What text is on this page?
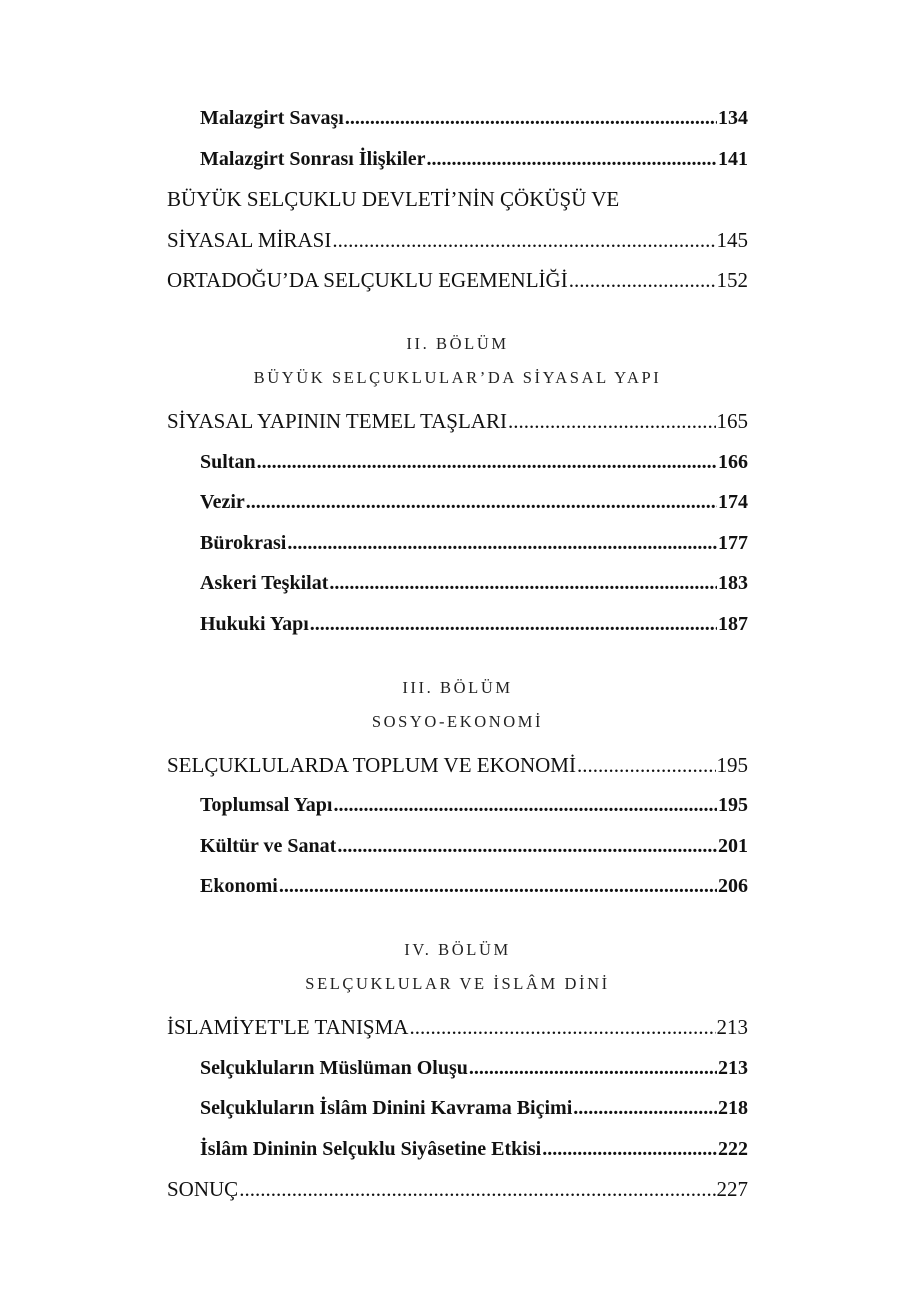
Malazgirt Savaşı .....	134
Malazgirt Sonrası İlişkiler .....	141
BÜYÜK SELÇUKLU DEVLETİ’NİN ÇÖKÜŞÜ VE
SİYASAL MİRASI .....	145
ORTADOĞU’DA SELÇUKLU EGEMENLİĞİ .....	152
II. BÖLÜM
BÜYÜK SELÇUKLULAR’DA SİYASAL YAPI
SİYASAL YAPININ TEMEL TAŞLARI .....	165
Sultan .....	166
Vezir .....	174
Bürokrasi .....	177
Askeri Teşkilat .....	183
Hukuki Yapı .....	187
III. BÖLÜM
SOSYO-EKONOMİ
SELÇUKLULARDA TOPLUM VE EKONOMİ .....	195
Toplumsal Yapı .....	195
Kültür ve Sanat .....	201
Ekonomi .....	206
IV. BÖLÜM
SELÇUKLULAR VE İSLÂM DİNİ
İSLAMİYET'LE TANIŞMA .....	213
Selçukluların Müslüman Oluşu .....	213
Selçukluların İslâm Dinini Kavrama Biçimi .....	218
İslâm Dininin Selçuklu Siyâsetine Etkisi .....	222
SONUÇ .....	227
